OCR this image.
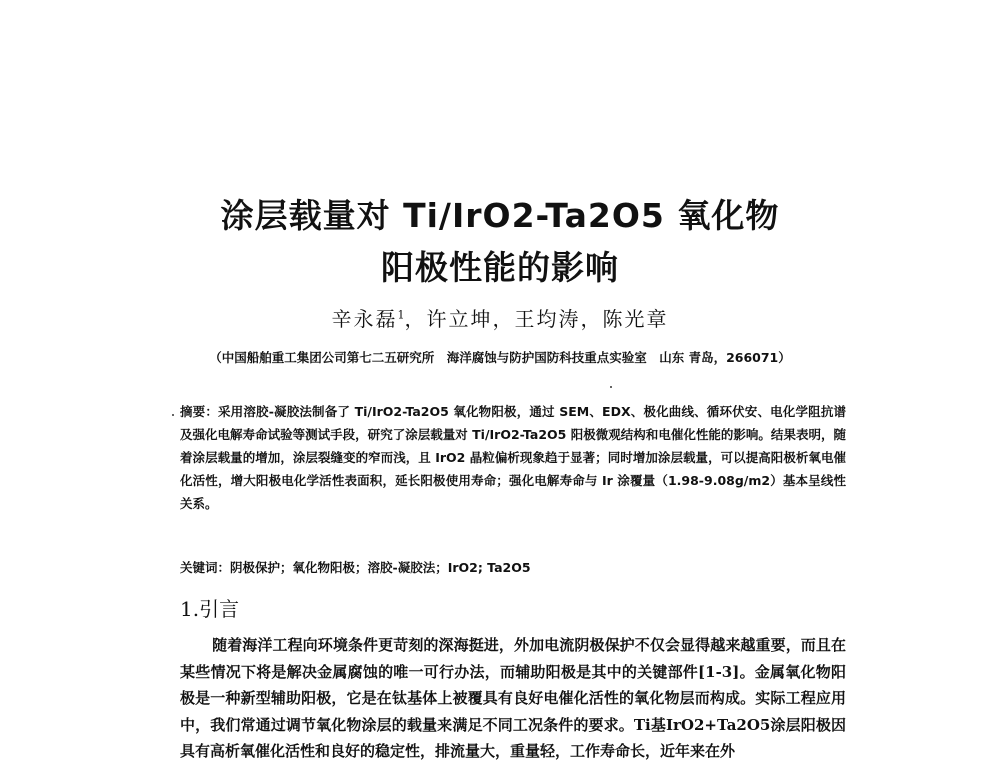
涂层载量对 Ti/IrO2-Ta2O5 氧化物
阳极性能的影响
辛永磊$^1$，许立坤，王均涛，陈光章
（中国船舶重工集团公司第七二五研究所　海洋腐蚀与防护国防科技重点实验室　山东 青岛，266071）
摘要：采用溶胶-凝胶法制备了 Ti/IrO2-Ta2O5 氧化物阳极，通过 SEM、EDX、极化曲线、循环伏安、电化学阻抗谱及强化电解寿命试验等测试手段，研究了涂层载量对 Ti/IrO2-Ta2O5 阳极微观结构和电催化性能的影响。结果表明，随着涂层载量的增加，涂层裂缝变的窄而浅，且 IrO2 晶粒偏析现象趋于显著；同时增加涂层载量，可以提高阳极析氧电催化活性，增大阳极电化学活性表面积，延长阳极使用寿命；强化电解寿命与 Ir 涂覆量（1.98-9.08g/m2）基本呈线性关系。
关键词：阴极保护；氧化物阳极；溶胶-凝胶法；IrO2; Ta2O5
1.引言
随着海洋工程向环境条件更苛刻的深海挺进，外加电流阴极保护不仅会显得越来越重要，而且在某些情况下将是解决金属腐蚀的唯一可行办法，而辅助阳极是其中的关键部件[1-3]。金属氧化物阳极是一种新型辅助阳极，它是在钛基体上被覆具有良好电催化活性的氧化物层而构成。实际工程应用中，我们常通过调节氧化物涂层的载量来满足不同工况条件的要求。Ti基IrO2+Ta2O5涂层阳极因具有高析氧催化活性和良好的稳定性，排流量大，重量轻，工作寿命长，近年来在外
